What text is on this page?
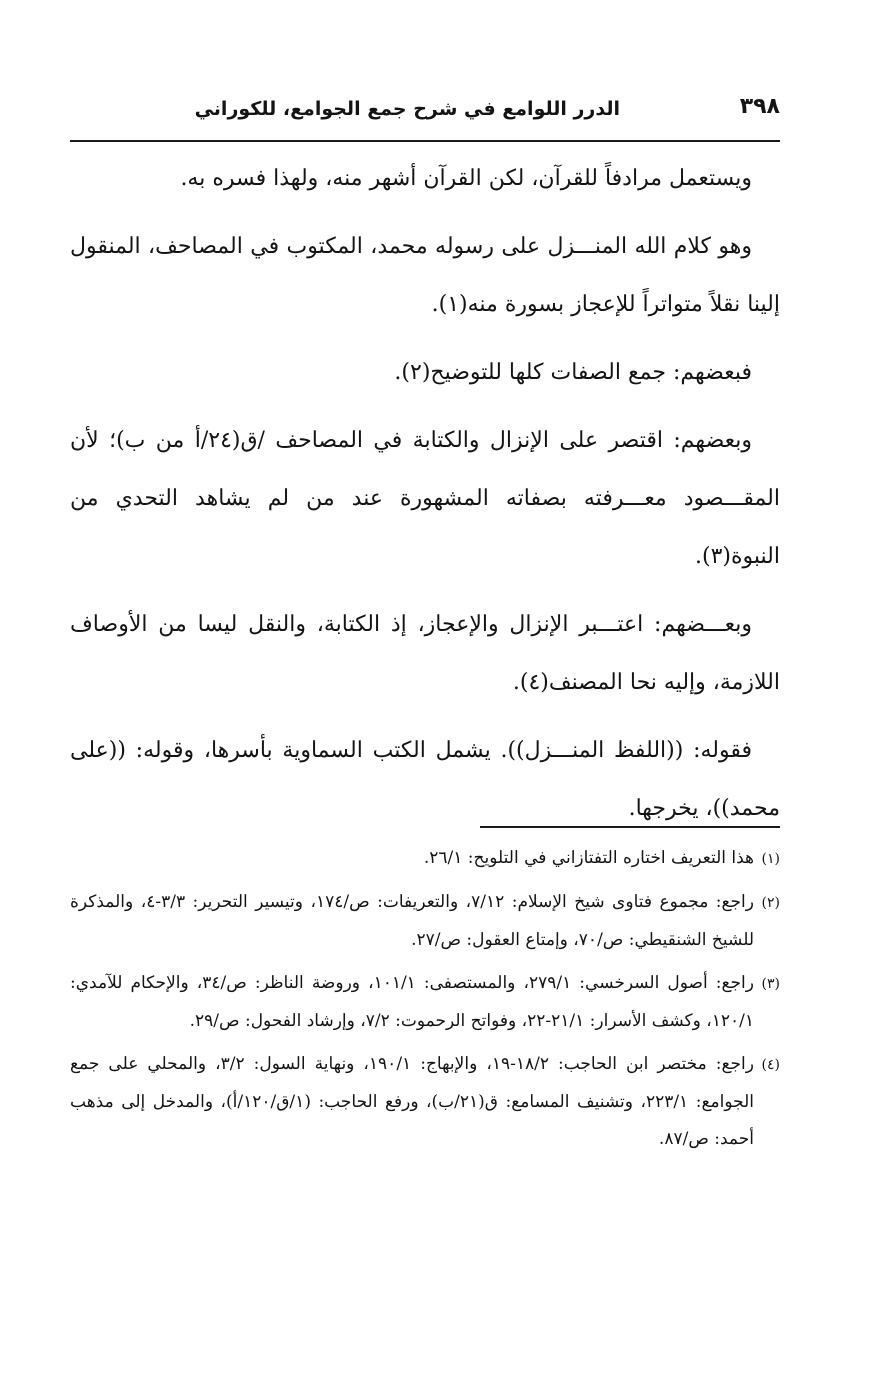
٣٩٨
الدرر اللوامع في شرح جمع الجوامع، للكوراني

ويستعمل مرادفاً للقرآن، لكن القرآن أشهر منه، ولهذا فسره به.

وهو كلام الله المنـــزل على رسوله محمد، المكتوب في المصاحف، المنقول إلينا نقلاً متواتراً للإعجاز بسورة منه(١).

فبعضهم: جمع الصفات كلها للتوضيح(٢).

وبعضهم: اقتصر على الإنزال والكتابة في المصاحف /ق(٢٤/أ من ب)؛ لأن المقـــصود معـــرفته بصفاته المشهورة عند من لم يشاهد التحدي من النبوة(٣).

وبعـــضهم: اعتـــبر الإنزال والإعجاز، إذ الكتابة، والنقل ليسا من الأوصاف اللازمة، وإليه نحا المصنف(٤).

فقوله: ((اللفظ المنـــزل)). يشمل الكتب السماوية بأسرها، وقوله: ((على محمد))، يخرجها.

(١)هذا التعريف اختاره التفتازاني في التلويح: ٢٦/١.

(٢)راجع: مجموع فتاوى شيخ الإسلام: ٧/١٢، والتعريفات: ص/١٧٤، وتيسير التحرير: ٣/٣-٤، والمذكرة للشيخ الشنقيطي: ص/٧٠، وإمتاع العقول: ص/٢٧.

(٣)راجع: أصول السرخسي: ٢٧٩/١، والمستصفى: ١٠١/١، وروضة الناظر: ص/٣٤، والإحكام للآمدي: ١٢٠/١، وكشف الأسرار: ٢١/١-٢٢، وفواتح الرحموت: ٧/٢، وإرشاد الفحول: ص/٢٩.

(٤)راجع: مختصر ابن الحاجب: ١٨/٢-١٩، والإبهاج: ١٩٠/١، ونهاية السول: ٣/٢، والمحلي على جمع الجوامع: ٢٢٣/١، وتشنيف المسامع: ق(٢١/ب)، ورفع الحاجب: (١/ق/١٢٠/أ)، والمدخل إلى مذهب أحمد: ص/٨٧.
